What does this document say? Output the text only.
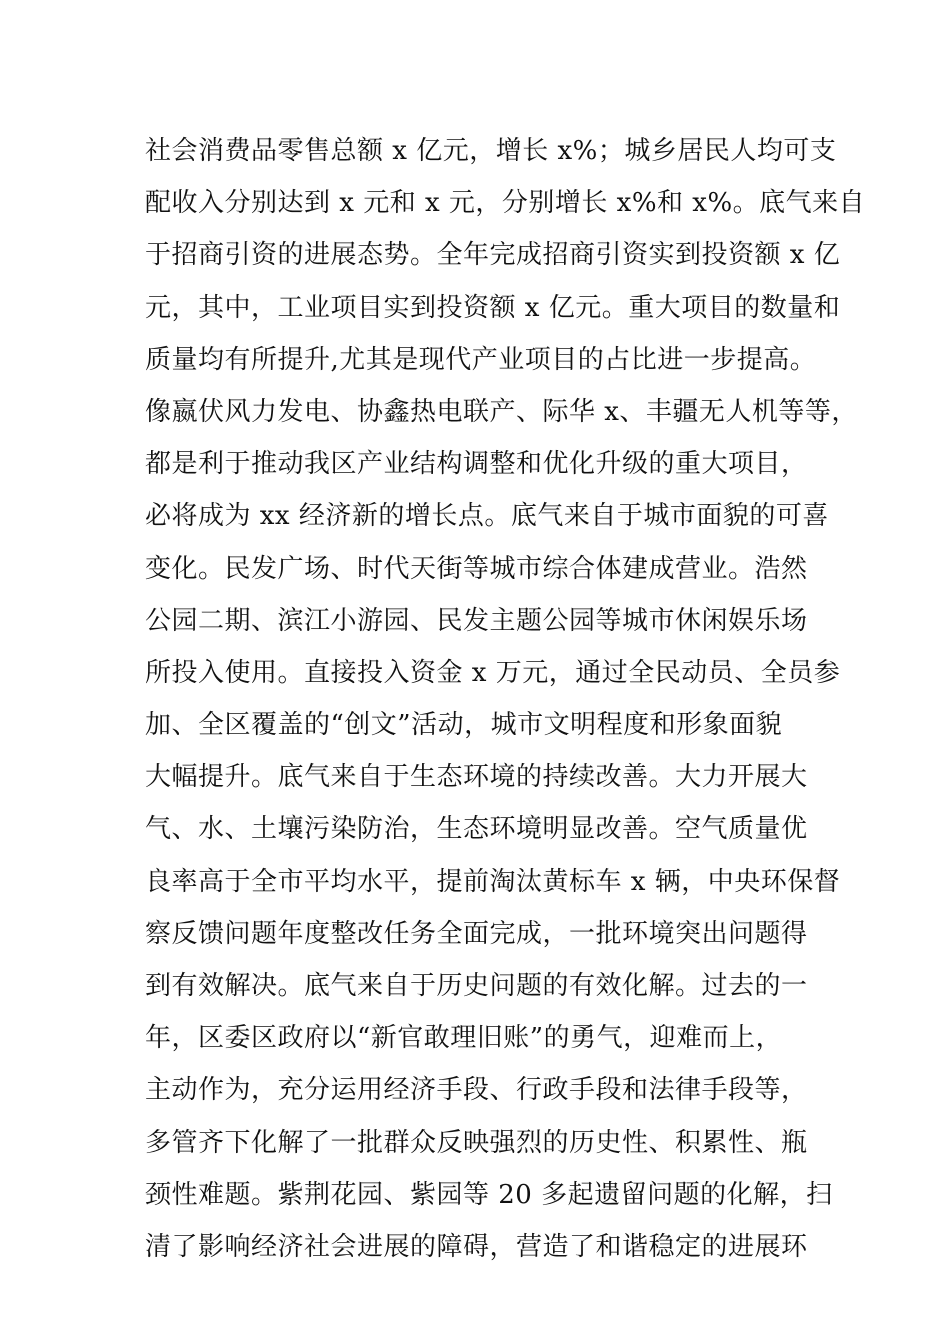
社会消费品零售总额 x 亿元，增长 x%；城乡居民人均可支
配收入分别达到 x 元和 x 元，分别增长 x%和 x%。底气来自
于招商引资的进展态势。全年完成招商引资实到投资额 x 亿
元，其中，工业项目实到投资额 x 亿元。重大项目的数量和
质量均有所提升,尤其是现代产业项目的占比进一步提高。
像嬴伏风力发电、协鑫热电联产、际华 x、丰疆无人机等等，
都是利于推动我区产业结构调整和优化升级的重大项目，
必将成为 xx 经济新的增长点。底气来自于城市面貌的可喜
变化。民发广场、时代天街等城市综合体建成营业。浩然
公园二期、滨江小游园、民发主题公园等城市休闲娱乐场
所投入使用。直接投入资金 x 万元，通过全民动员、全员参
加、全区覆盖的“创文”活动，城市文明程度和形象面貌
大幅提升。底气来自于生态环境的持续改善。大力开展大
气、水、土壤污染防治，生态环境明显改善。空气质量优
良率高于全市平均水平，提前淘汰黄标车 x 辆，中央环保督
察反馈问题年度整改任务全面完成，一批环境突出问题得
到有效解决。底气来自于历史问题的有效化解。过去的一
年，区委区政府以“新官敢理旧账”的勇气，迎难而上，
主动作为，充分运用经济手段、行政手段和法律手段等，
多管齐下化解了一批群众反映强烈的历史性、积累性、瓶
颈性难题。紫荆花园、紫园等 20 多起遗留问题的化解，扫
清了影响经济社会进展的障碍，营造了和谐稳定的进展环
